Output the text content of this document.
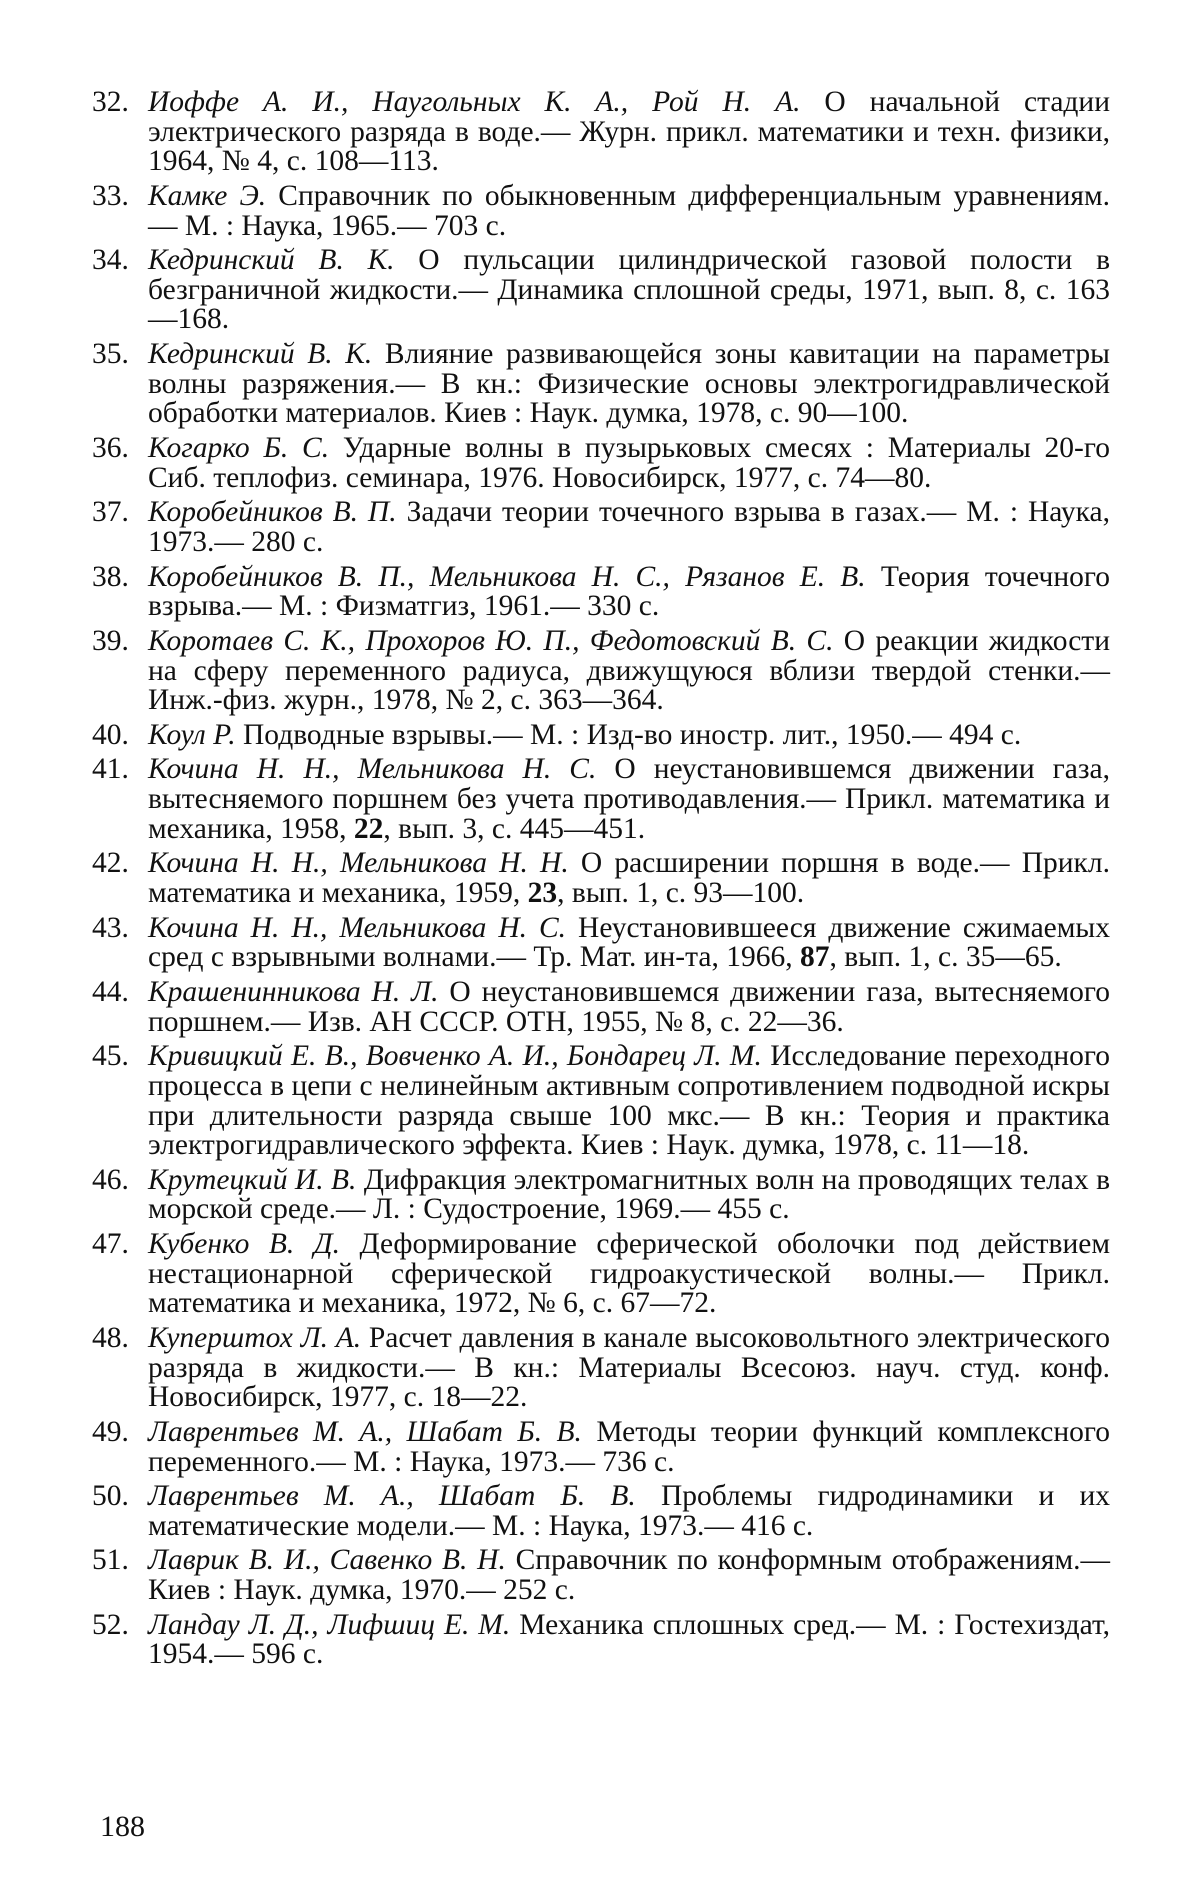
32. Иоффе А. И., Наугольных К. А., Рой Н. А. О начальной стадии электрического разряда в воде.— Журн. прикл. математики и техн. физики, 1964, № 4, с. 108—113.
33. Камке Э. Справочник по обыкновенным дифференциальным уравнениям.— М. : Наука, 1965.— 703 с.
34. Кедринский В. К. О пульсации цилиндрической газовой полости в безграничной жидкости.— Динамика сплошной среды, 1971, вып. 8, с. 163—168.
35. Кедринский В. К. Влияние развивающейся зоны кавитации на параметры волны разряжения.— В кн.: Физические основы электрогидравлической обработки материалов. Киев : Наук. думка, 1978, с. 90—100.
36. Когарко Б. С. Ударные волны в пузырьковых смесях : Материалы 20-го Сиб. теплофиз. семинара, 1976. Новосибирск, 1977, с. 74—80.
37. Коробейников В. П. Задачи теории точечного взрыва в газах.— М. : Наука, 1973.— 280 с.
38. Коробейников В. П., Мельникова Н. С., Рязанов Е. В. Теория точечного взрыва.— М. : Физматгиз, 1961.— 330 с.
39. Коротаев С. К., Прохоров Ю. П., Федотовский В. С. О реакции жидкости на сферу переменного радиуса, движущуюся вблизи твердой стенки.— Инж.-физ. журн., 1978, № 2, с. 363—364.
40. Коул Р. Подводные взрывы.— М. : Изд-во иностр. лит., 1950.— 494 с.
41. Кочина Н. Н., Мельникова Н. С. О неустановившемся движении газа, вытесняемого поршнем без учета противодавления.— Прикл. математика и механика, 1958, 22, вып. 3, с. 445—451.
42. Кочина Н. Н., Мельникова Н. Н. О расширении поршня в воде.— Прикл. математика и механика, 1959, 23, вып. 1, с. 93—100.
43. Кочина Н. Н., Мельникова Н. С. Неустановившееся движение сжимаемых сред с взрывными волнами.— Тр. Мат. ин-та, 1966, 87, вып. 1, с. 35—65.
44. Крашенинникова Н. Л. О неустановившемся движении газа, вытесняемого поршнем.— Изв. АН СССР. ОТН, 1955, № 8, с. 22—36.
45. Кривицкий Е. В., Вовченко А. И., Бондарец Л. М. Исследование переходного процесса в цепи с нелинейным активным сопротивлением подводной искры при длительности разряда свыше 100 мкс.— В кн.: Теория и практика электрогидравлического эффекта. Киев : Наук. думка, 1978, с. 11—18.
46. Крутецкий И. В. Дифракция электромагнитных волн на проводящих телах в морской среде.— Л. : Судостроение, 1969.— 455 с.
47. Кубенко В. Д. Деформирование сферической оболочки под действием нестационарной сферической гидроакустической волны.— Прикл. математика и механика, 1972, № 6, с. 67—72.
48. Куперштох Л. А. Расчет давления в канале высоковольтного электрического разряда в жидкости.— В кн.: Материалы Всесоюз. науч. студ. конф. Новосибирск, 1977, с. 18—22.
49. Лаврентьев М. А., Шабат Б. В. Методы теории функций комплексного переменного.— М. : Наука, 1973.— 736 с.
50. Лаврентьев М. А., Шабат Б. В. Проблемы гидродинамики и их математические модели.— М. : Наука, 1973.— 416 с.
51. Лаврик В. И., Савенко В. Н. Справочник по конформным отображениям.— Киев : Наук. думка, 1970.— 252 с.
52. Ландау Л. Д., Лифшиц Е. М. Механика сплошных сред.— М. : Гостехиздат, 1954.— 596 с.
188
